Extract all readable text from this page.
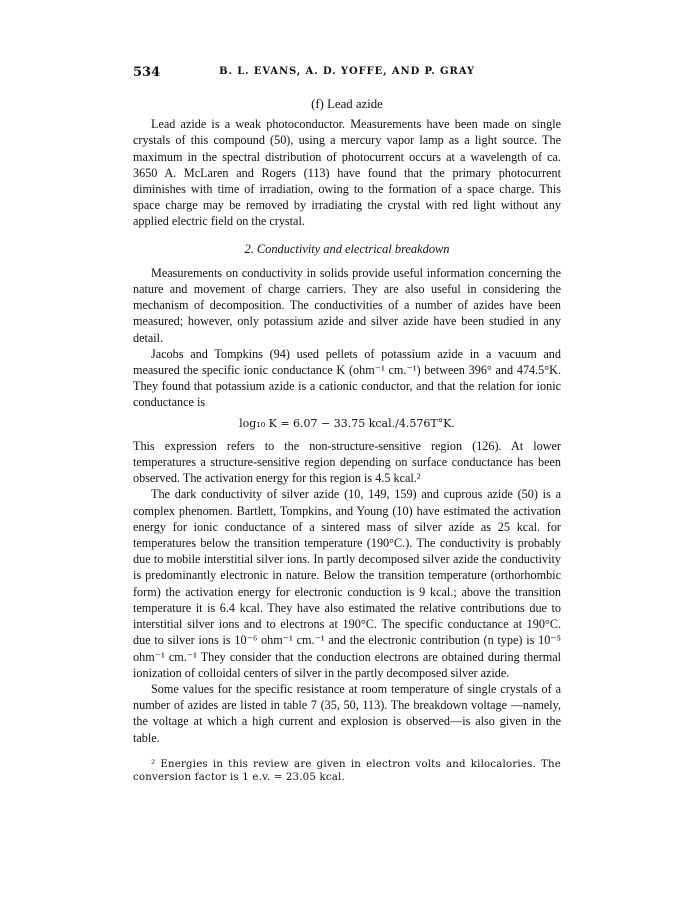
534	B. L. EVANS, A. D. YOFFE, AND P. GRAY
(f) Lead azide

Lead azide is a weak photoconductor. Measurements have been made on single crystals of this compound (50), using a mercury vapor lamp as a light source. The maximum in the spectral distribution of photocurrent occurs at a wavelength of ca. 3650 A. McLaren and Rogers (113) have found that the primary photocurrent diminishes with time of irradiation, owing to the formation of a space charge. This space charge may be removed by irradiating the crystal with red light without any applied electric field on the crystal.

2. Conductivity and electrical breakdown

Measurements on conductivity in solids provide useful information concerning the nature and movement of charge carriers. They are also useful in considering the mechanism of decomposition. The conductivities of a number of azides have been measured; however, only potassium azide and silver azide have been studied in any detail.

Jacobs and Tompkins (94) used pellets of potassium azide in a vacuum and measured the specific ionic conductance K (ohm⁻¹ cm.⁻¹) between 396° and 474.5°K. They found that potassium azide is a cationic conductor, and that the relation for ionic conductance is

log₁₀ K = 6.07 − 33.75 kcal./4.576T°K.

This expression refers to the non-structure-sensitive region (126). At lower temperatures a structure-sensitive region depending on surface conductance has been observed. The activation energy for this region is 4.5 kcal.²

The dark conductivity of silver azide (10, 149, 159) and cuprous azide (50) is a complex phenomen. Bartlett, Tompkins, and Young (10) have estimated the activation energy for ionic conductance of a sintered mass of silver azide as 25 kcal. for temperatures below the transition temperature (190°C.). The conductivity is probably due to mobile interstitial silver ions. In partly decomposed silver azide the conductivity is predominantly electronic in nature. Below the transition temperature (orthorhombic form) the activation energy for electronic conduction is 9 kcal.; above the transition temperature it is 6.4 kcal. They have also estimated the relative contributions due to interstitial silver ions and to electrons at 190°C. The specific conductance at 190°C. due to silver ions is 10⁻⁶ ohm⁻¹ cm.⁻¹ and the electronic contribution (n type) is 10⁻⁵ ohm⁻¹ cm.⁻¹ They consider that the conduction electrons are obtained during thermal ionization of colloidal centers of silver in the partly decomposed silver azide.

Some values for the specific resistance at room temperature of single crystals of a number of azides are listed in table 7 (35, 50, 113). The breakdown voltage —namely, the voltage at which a high current and explosion is observed—is also given in the table.

² Energies in this review are given in electron volts and kilocalories. The conversion factor is 1 e.v. = 23.05 kcal.
